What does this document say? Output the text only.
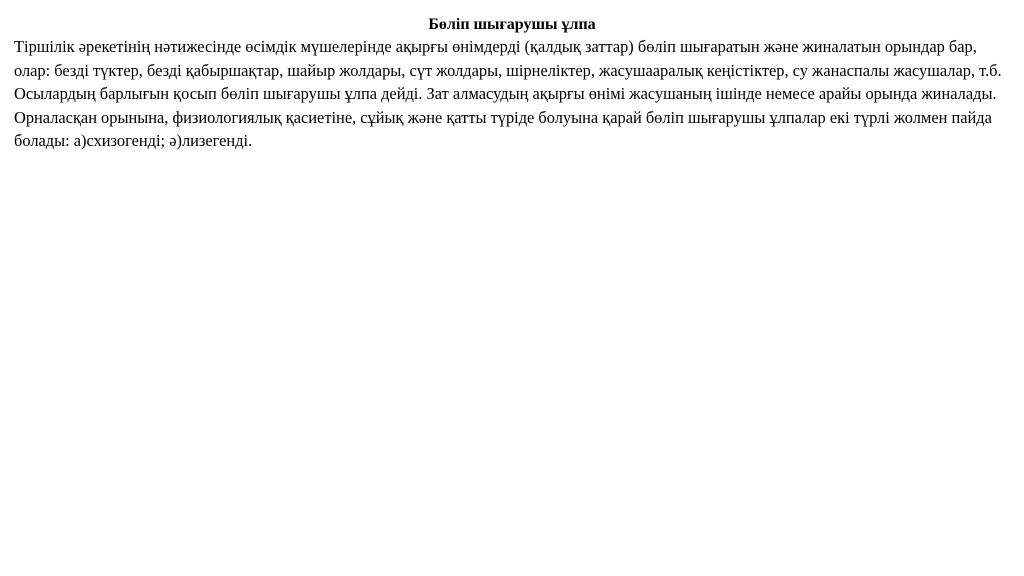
Бөліп шығарушы ұлпа

Тіршілік әрекетінің нәтижесінде өсімдік мүшелерінде ақырғы өнімдерді (қалдық заттар) бөліп шығаратын және жиналатын орындар бар, олар: безді түктер, безді қабыршақтар, шайыр жолдары, сүт жолдары, шірнеліктер, жасушааралық кеңістіктер, су жанаспалы жасушалар, т.б. Осылардың барлығын қосып бөліп шығарушы ұлпа дейді. Зат алмасудың ақырғы өнімі жасушаның ішінде немесе арайы орында жиналады. Орналасқан орынына, физиологиялық қасиетіне, сұйық және қатты түріде болуына қарай бөліп шығарушы ұлпалар екі түрлі жолмен пайда болады: а)схизогенді; ә)лизегенді.
